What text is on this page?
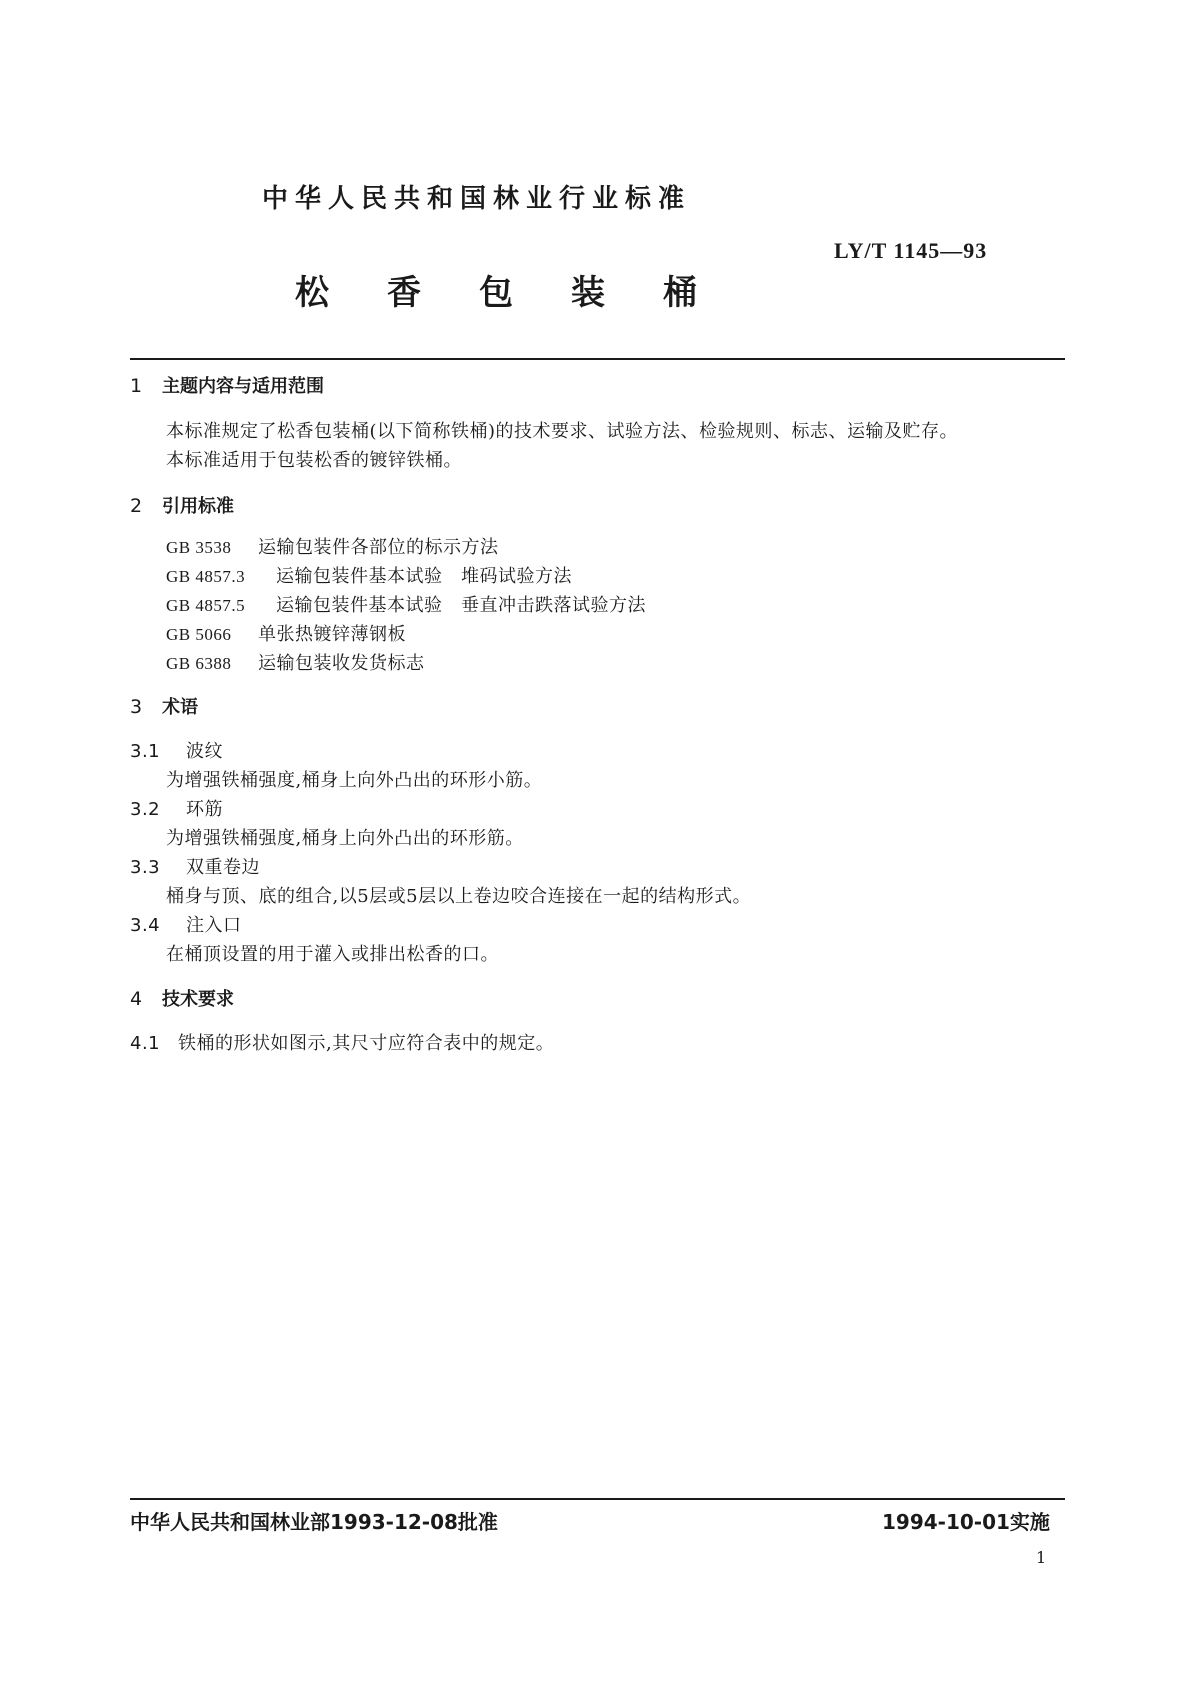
中华人民共和国林业行业标准
LY/T 1145—93
松香包装桶
1 主题内容与适用范围
本标准规定了松香包装桶(以下简称铁桶)的技术要求、试验方法、检验规则、标志、运输及贮存。
本标准适用于包装松香的镀锌铁桶。
2 引用标准
GB 3538 运输包装件各部位的标示方法
GB 4857.3 运输包装件基本试验　堆码试验方法
GB 4857.5 运输包装件基本试验　垂直冲击跌落试验方法
GB 5066 单张热镀锌薄钢板
GB 6388 运输包装收发货标志
3 术语
3.1 波纹
为增强铁桶强度,桶身上向外凸出的环形小筋。
3.2 环筋
为增强铁桶强度,桶身上向外凸出的环形筋。
3.3 双重卷边
桶身与顶、底的组合,以5层或5层以上卷边咬合连接在一起的结构形式。
3.4 注入口
在桶顶设置的用于灌入或排出松香的口。
4 技术要求
4.1 铁桶的形状如图示,其尺寸应符合表中的规定。
中华人民共和国林业部1993-12-08批准	1994-10-01实施
1
